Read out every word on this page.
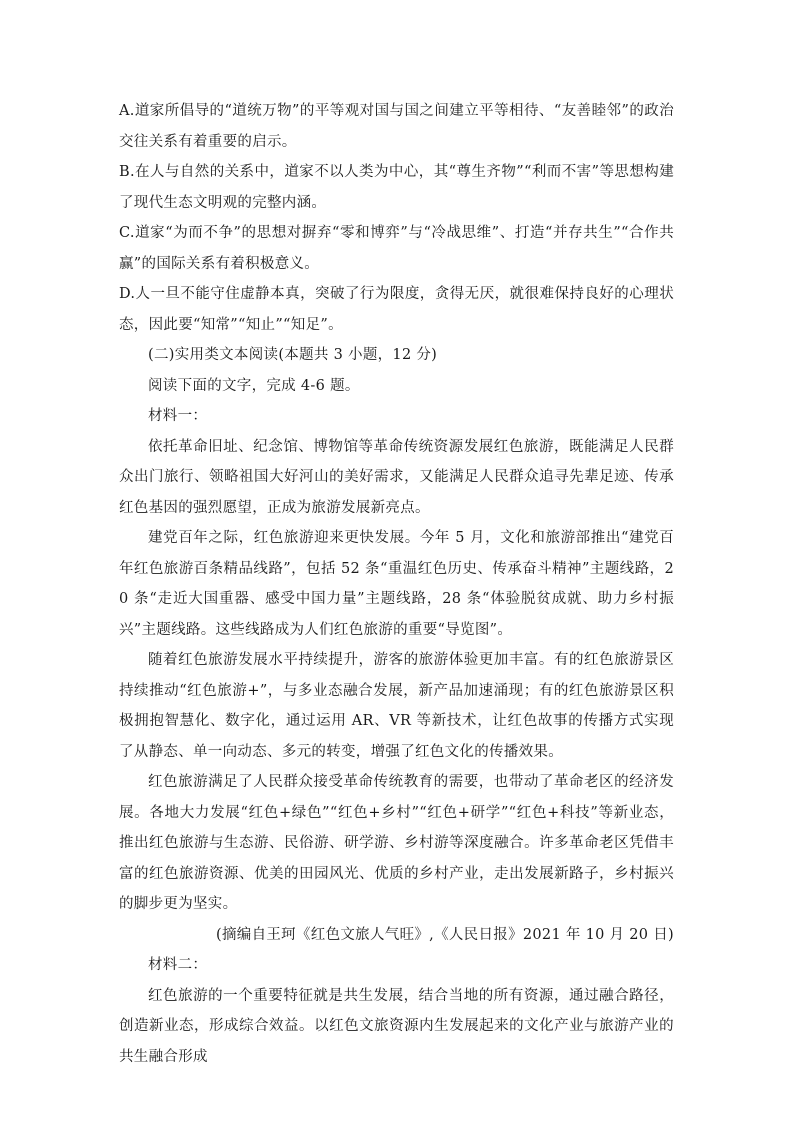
A.道家所倡导的“道统万物”的平等观对国与国之间建立平等相待、“友善睦邻”的政治交往关系有着重要的启示。

B.在人与自然的关系中，道家不以人类为中心，其“尊生齐物”“利而不害”等思想构建了现代生态文明观的完整内涵。

C.道家“为而不争”的思想对摒弃“零和博弈”与“冷战思维”、打造“并存共生”“合作共赢”的国际关系有着积极意义。

D.人一旦不能守住虚静本真，突破了行为限度，贪得无厌，就很难保持良好的心理状态，因此要“知常”“知止”“知足”。

(二)实用类文本阅读(本题共 3 小题，12 分)

阅读下面的文字，完成 4-6 题。

材料一：

依托革命旧址、纪念馆、博物馆等革命传统资源发展红色旅游，既能满足人民群众出门旅行、领略祖国大好河山的美好需求，又能满足人民群众追寻先辈足迹、传承红色基因的强烈愿望，正成为旅游发展新亮点。

建党百年之际，红色旅游迎来更快发展。今年 5 月，文化和旅游部推出“建党百年红色旅游百条精品线路”，包括 52 条“重温红色历史、传承奋斗精神”主题线路，20 条“走近大国重器、感受中国力量”主题线路，28 条“体验脱贫成就、助力乡村振兴”主题线路。这些线路成为人们红色旅游的重要“导览图”。

随着红色旅游发展水平持续提升，游客的旅游体验更加丰富。有的红色旅游景区持续推动“红色旅游+”，与多业态融合发展，新产品加速涌现；有的红色旅游景区积极拥抱智慧化、数字化，通过运用 AR、VR 等新技术，让红色故事的传播方式实现了从静态、单一向动态、多元的转变，增强了红色文化的传播效果。

红色旅游满足了人民群众接受革命传统教育的需要，也带动了革命老区的经济发展。各地大力发展“红色+绿色”“红色+乡村”“红色+研学”“红色+科技”等新业态，推出红色旅游与生态游、民俗游、研学游、乡村游等深度融合。许多革命老区凭借丰富的红色旅游资源、优美的田园风光、优质的乡村产业，走出发展新路子，乡村振兴的脚步更为坚实。

(摘编自王珂《红色文旅人气旺》,《人民日报》2021 年 10 月 20 日)

材料二：

红色旅游的一个重要特征就是共生发展，结合当地的所有资源，通过融合路径，创造新业态，形成综合效益。以红色文旅资源内生发展起来的文化产业与旅游产业的共生融合形成
